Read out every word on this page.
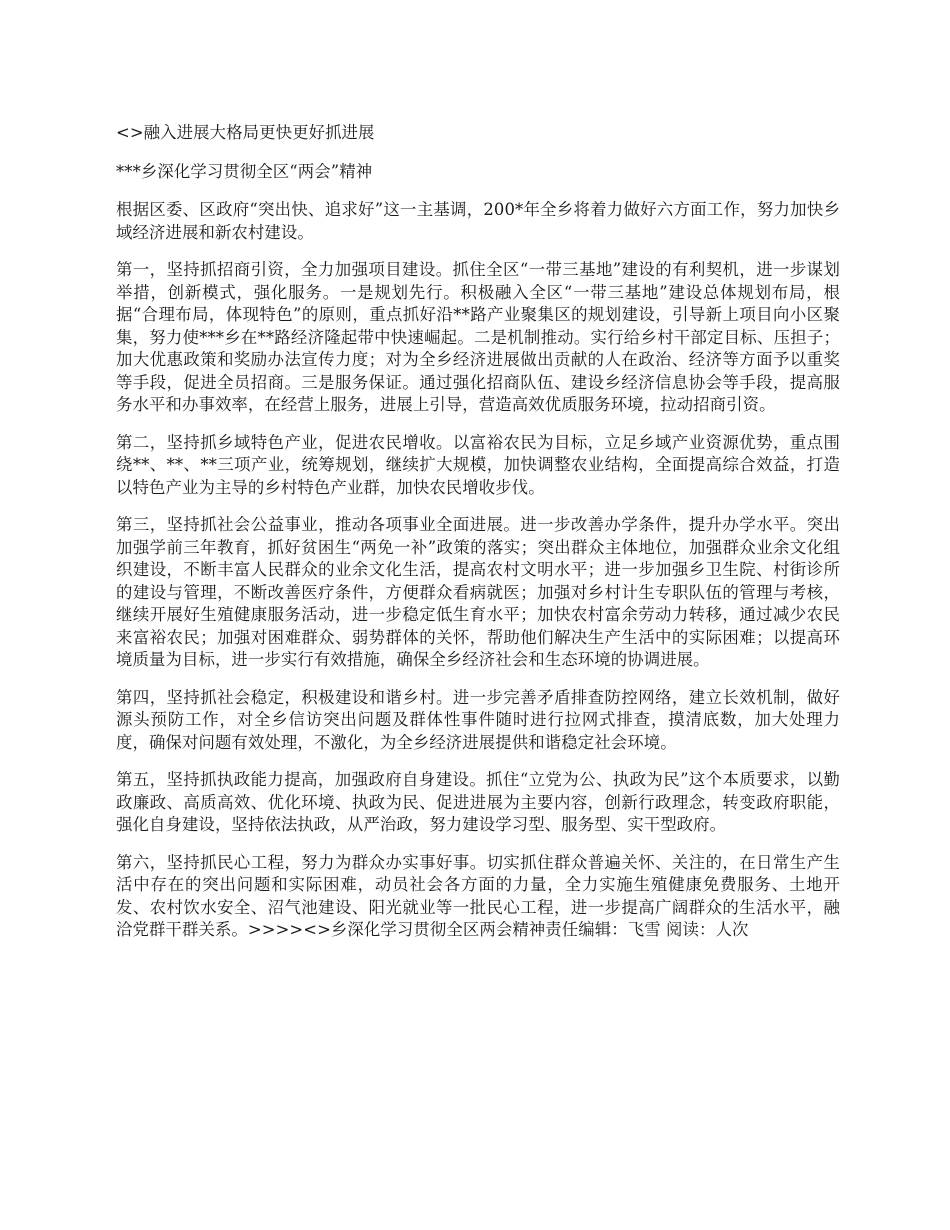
<>融入进展大格局更快更好抓进展

***乡深化学习贯彻全区“两会”精神

根据区委、区政府“突出快、追求好”这一主基调，200*年全乡将着力做好六方面工作，努力加快乡域经济进展和新农村建设。

第一，坚持抓招商引资，全力加强项目建设。抓住全区“一带三基地”建设的有利契机，进一步谋划举措，创新模式，强化服务。一是规划先行。积极融入全区“一带三基地”建设总体规划布局，根据“合理布局，体现特色”的原则，重点抓好沿**路产业聚集区的规划建设，引导新上项目向小区聚集，努力使***乡在**路经济隆起带中快速崛起。二是机制推动。实行给乡村干部定目标、压担子；加大优惠政策和奖励办法宣传力度；对为全乡经济进展做出贡献的人在政治、经济等方面予以重奖等手段，促进全员招商。三是服务保证。通过强化招商队伍、建设乡经济信息协会等手段，提高服务水平和办事效率，在经营上服务，进展上引导，营造高效优质服务环境，拉动招商引资。

第二，坚持抓乡域特色产业，促进农民增收。以富裕农民为目标，立足乡域产业资源优势，重点围绕**、**、**三项产业，统筹规划，继续扩大规模，加快调整农业结构，全面提高综合效益，打造以特色产业为主导的乡村特色产业群，加快农民增收步伐。

第三，坚持抓社会公益事业，推动各项事业全面进展。进一步改善办学条件，提升办学水平。突出加强学前三年教育，抓好贫困生“两免一补”政策的落实；突出群众主体地位，加强群众业余文化组织建设，不断丰富人民群众的业余文化生活，提高农村文明水平；进一步加强乡卫生院、村街诊所的建设与管理，不断改善医疗条件，方便群众看病就医；加强对乡村计生专职队伍的管理与考核，继续开展好生殖健康服务活动，进一步稳定低生育水平；加快农村富余劳动力转移，通过减少农民来富裕农民；加强对困难群众、弱势群体的关怀，帮助他们解决生产生活中的实际困难；以提高环境质量为目标，进一步实行有效措施，确保全乡经济社会和生态环境的协调进展。

第四，坚持抓社会稳定，积极建设和谐乡村。进一步完善矛盾排查防控网络，建立长效机制，做好源头预防工作，对全乡信访突出问题及群体性事件随时进行拉网式排查，摸清底数，加大处理力度，确保对问题有效处理，不激化，为全乡经济进展提供和谐稳定社会环境。

第五，坚持抓执政能力提高，加强政府自身建设。抓住“立党为公、执政为民”这个本质要求，以勤政廉政、高质高效、优化环境、执政为民、促进进展为主要内容，创新行政理念，转变政府职能，强化自身建设，坚持依法执政，从严治政，努力建设学习型、服务型、实干型政府。

第六，坚持抓民心工程，努力为群众办实事好事。切实抓住群众普遍关怀、关注的，在日常生产生活中存在的突出问题和实际困难，动员社会各方面的力量，全力实施生殖健康免费服务、土地开发、农村饮水安全、沼气池建设、阳光就业等一批民心工程，进一步提高广阔群众的生活水平，融洽党群干群关系。>>>><>乡深化学习贯彻全区两会精神责任编辑：飞雪 阅读：人次
